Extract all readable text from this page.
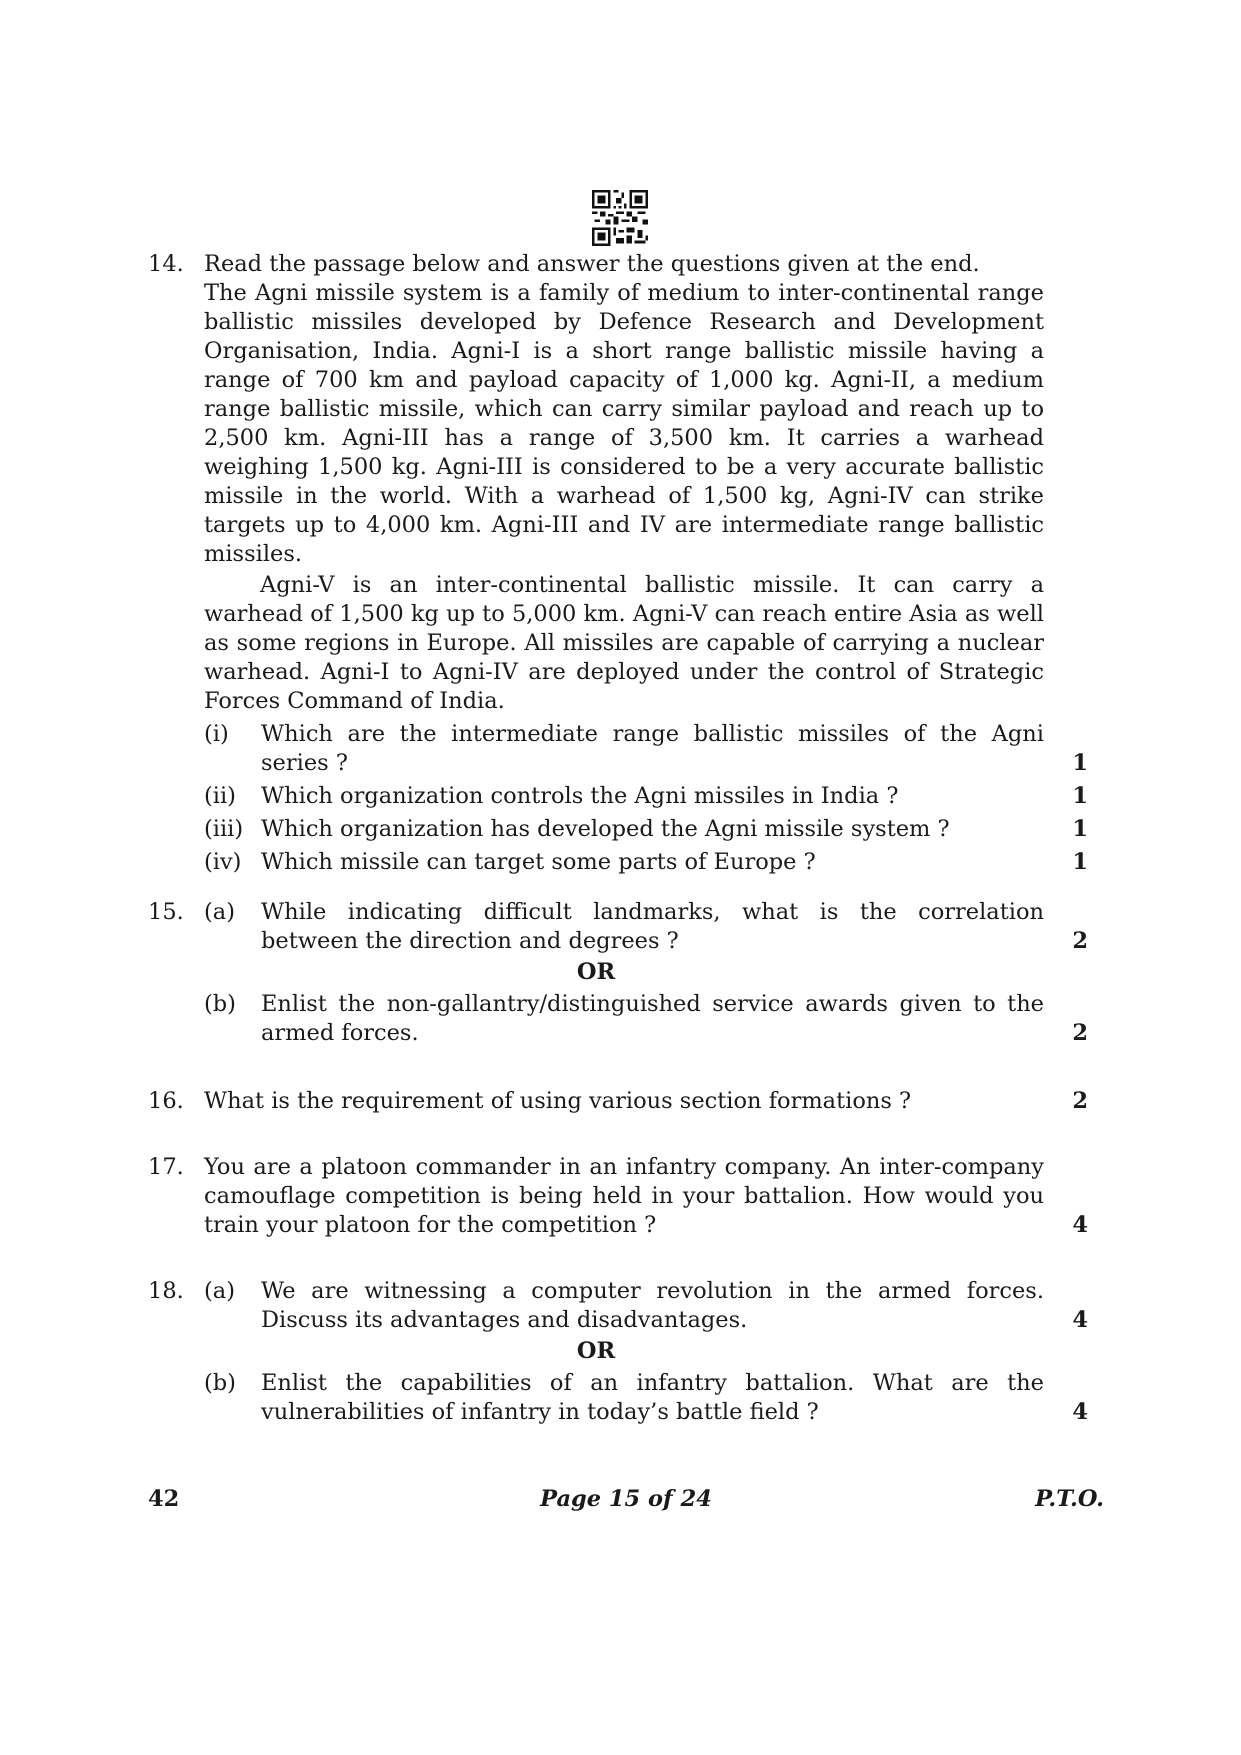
14. Read the passage below and answer the questions given at the end.

The Agni missile system is a family of medium to inter-continental range ballistic missiles developed by Defence Research and Development Organisation, India. Agni-I is a short range ballistic missile having a range of 700 km and payload capacity of 1,000 kg. Agni-II, a medium range ballistic missile, which can carry similar payload and reach up to 2,500 km. Agni-III has a range of 3,500 km. It carries a warhead weighing 1,500 kg. Agni-III is considered to be a very accurate ballistic missile in the world. With a warhead of 1,500 kg, Agni-IV can strike targets up to 4,000 km. Agni-III and IV are intermediate range ballistic missiles.

Agni-V is an inter-continental ballistic missile. It can carry a warhead of 1,500 kg up to 5,000 km. Agni-V can reach entire Asia as well as some regions in Europe. All missiles are capable of carrying a nuclear warhead. Agni-I to Agni-IV are deployed under the control of Strategic Forces Command of India.

(i)	Which are the intermediate range ballistic missiles of the Agni series ?	1
(ii)	Which organization controls the Agni missiles in India ?	1
(iii) Which organization has developed the Agni missile system ?	1
(iv) Which missile can target some parts of Europe ?	1
15. (a)	While indicating difficult landmarks, what is the correlation between the direction and degrees ?	2
OR
(b)	Enlist the non-gallantry/distinguished service awards given to the armed forces.	2
16. What is the requirement of using various section formations ?	2
17. You are a platoon commander in an infantry company. An inter-company camouflage competition is being held in your battalion. How would you train your platoon for the competition ?	4
18. (a)	We are witnessing a computer revolution in the armed forces. Discuss its advantages and disadvantages.	4
OR
(b)	Enlist the capabilities of an infantry battalion. What are the vulnerabilities of infantry in today’s battle field ?	4
42	Page 15 of 24	P.T.O.
